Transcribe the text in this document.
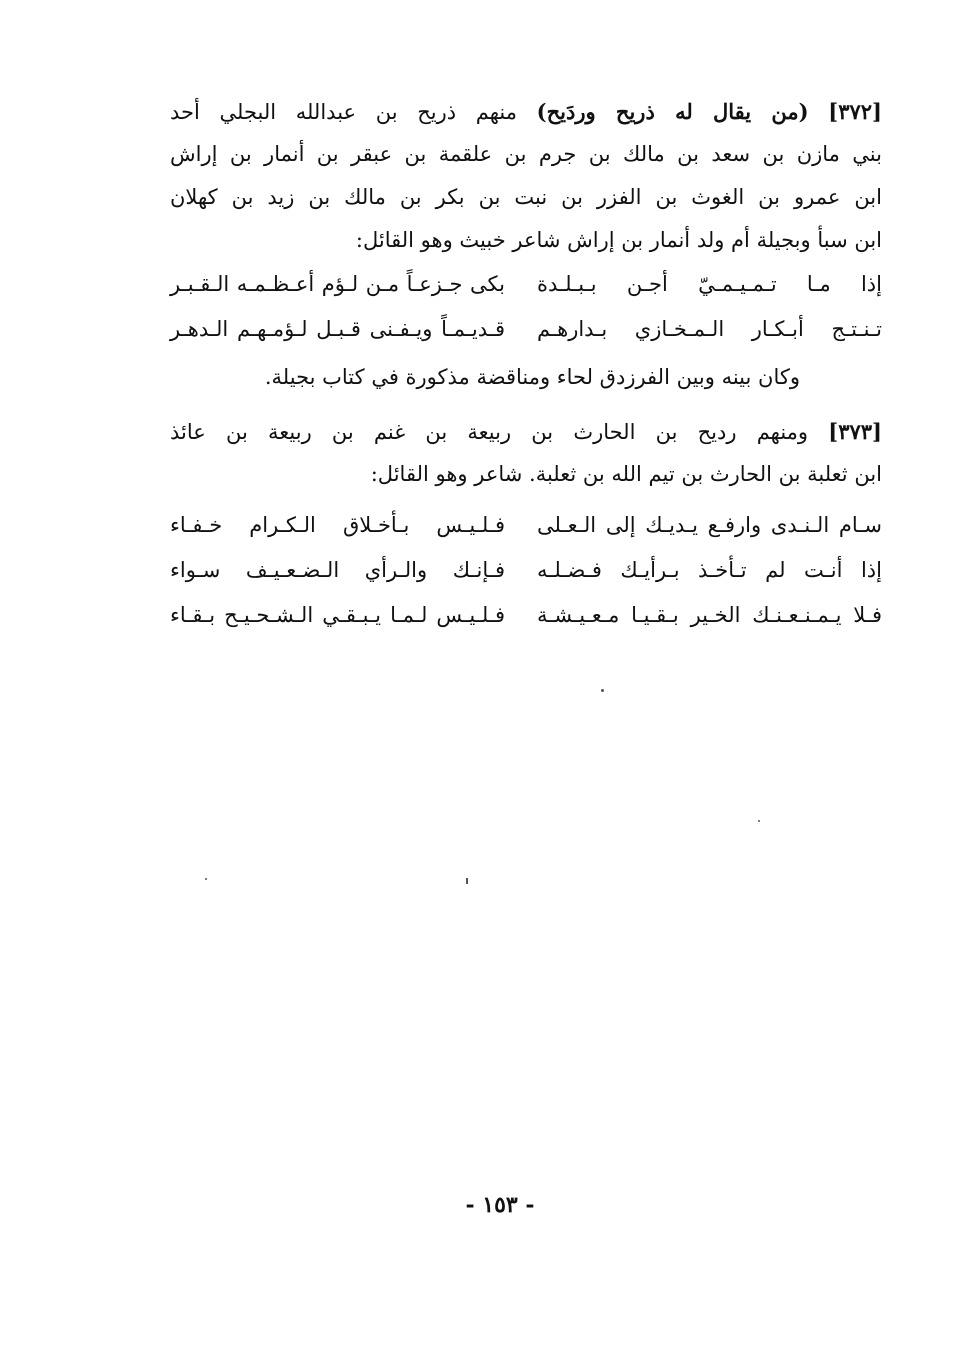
[٣٧٢] (من يقال له ذريح وردَيح) منهم ذريح بن عبدالله البجلي أحد
بني مازن بن سعد بن مالك بن جرم بن علقمة بن عبقر بن أنمار بن إراش
ابن عمرو بن الغوث بن الفزر بن نبت بن بكر بن مالك بن زيد بن كهلان
ابن سبأ وبجيلة أم ولد أنمار بن إراش شاعر خبيث وهو القائل:
إذا مـا تـمـيـمـيّ أجـن بـبـلـدة
بكى جـزعـاً مـن لـؤم أعـظـمـه الـقـبـر
تـنـتـج أبـكـار الـمـخـازي بـدارهـم
قـديـمـاً ويـفـنى قـبـل لـؤمـهـم الـدهـر
وكان بينه وبين الفرزدق لحاء ومناقضة مذكورة في كتاب بجيلة.
[٣٧٣] ومنهم رديح بن الحارث بن ربيعة بن غنم بن ربيعة بن عائذ
ابن ثعلبة بن الحارث بن تيم الله بن ثعلبة. شاعر وهو القائل:
سـام الـنـدى وارفـع يـديـك إلى الـعـلى
فـلـيـس بـأخـلاق الـكـرام خـفـاء
إذا أنـت لم تـأخـذ بـرأيـك فـضـلـه
فـإنـك والـرأي الـضـعـيـف سـواء
فـلا يـمـنـعـنـك الخـير بـقـيـا مـعـيـشـة
فـلـيـس لـمـا يـبـقـي الـشـحـيـح بـقـاء
- ١٥٣ -
